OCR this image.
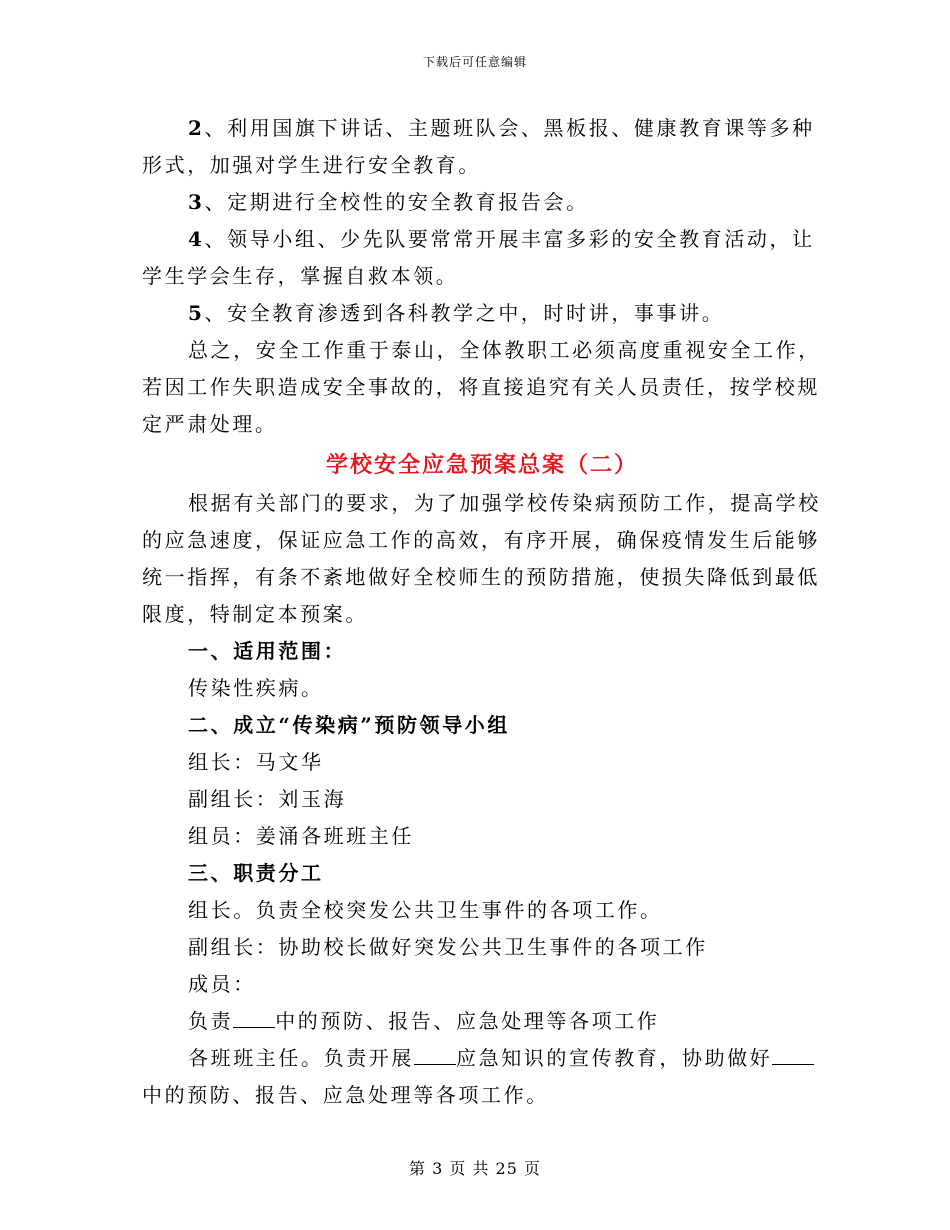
下载后可任意编辑

2、利用国旗下讲话、主题班队会、黑板报、健康教育课等多种形式，加强对学生进行安全教育。

3、定期进行全校性的安全教育报告会。

4、领导小组、少先队要常常开展丰富多彩的安全教育活动，让学生学会生存，掌握自救本领。

5、安全教育渗透到各科教学之中，时时讲，事事讲。

总之，安全工作重于泰山，全体教职工必须高度重视安全工作，若因工作失职造成安全事故的，将直接追究有关人员责任，按学校规定严肃处理。

学校安全应急预案总案（二）

根据有关部门的要求，为了加强学校传染病预防工作，提高学校的应急速度，保证应急工作的高效，有序开展，确保疫情发生后能够统一指挥，有条不紊地做好全校师生的预防措施，使损失降低到最低限度，特制定本预案。

一、适用范围：

传染性疾病。

二、成立“传染病”预防领导小组

组长：马文华

副组长：刘玉海

组员：姜涌各班班主任

三、职责分工

组长。负责全校突发公共卫生事件的各项工作。

副组长：协助校长做好突发公共卫生事件的各项工作

成员：

负责 中的预防、报告、应急处理等各项工作

各班班主任。负责开展 应急知识的宣传教育，协助做好中的预防、报告、应急处理等各项工作。

第 3 页 共 25 页
